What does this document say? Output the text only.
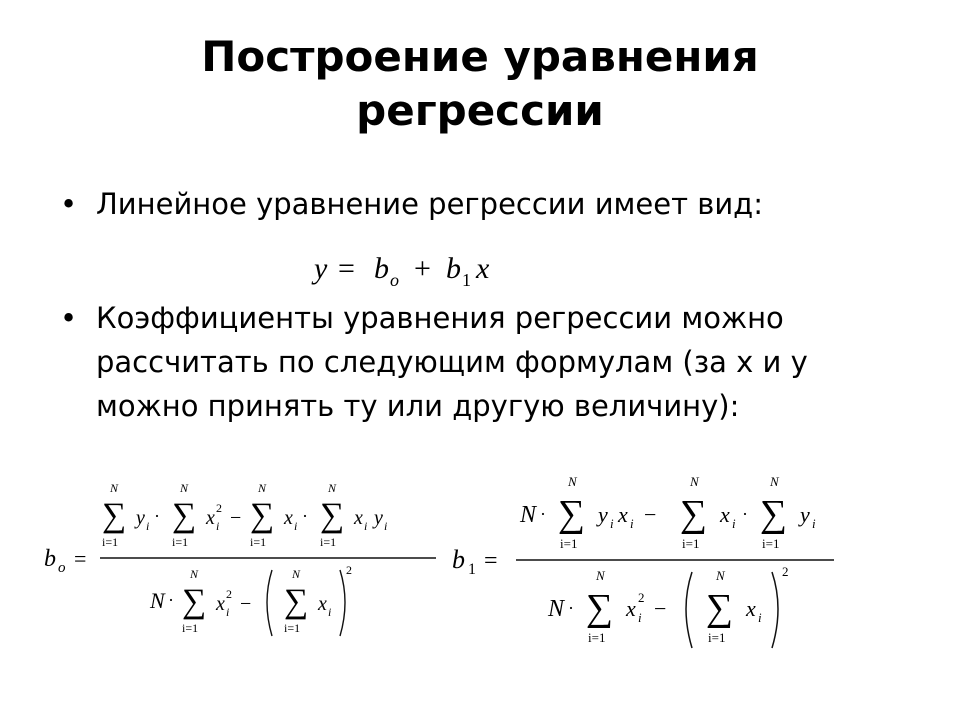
Построение уравнения
регрессии
• Линейное уравнение регрессии имеет вид:
y = b o + b 1 x
• Коэффициенты уравнения регрессии можно рассчитать по следующим формулам (за x и y можно принять ту или другую величину):
b o =
N
∑
i=1
y i ·
N
∑
i=1
x i
2 −
N
∑
i=1
x i ·
N
∑
i=1
x i y i
N ·
N
∑
i=1
x i
2 −
N
∑
i=1
x i
2	b 1 =
N ·
N
∑
i=1
y i x i −
N
∑
i=1
x i ·
N
∑
i=1
y i
N ·
N
∑
i=1
x i
2 −
N
∑
i=1
x i
2
